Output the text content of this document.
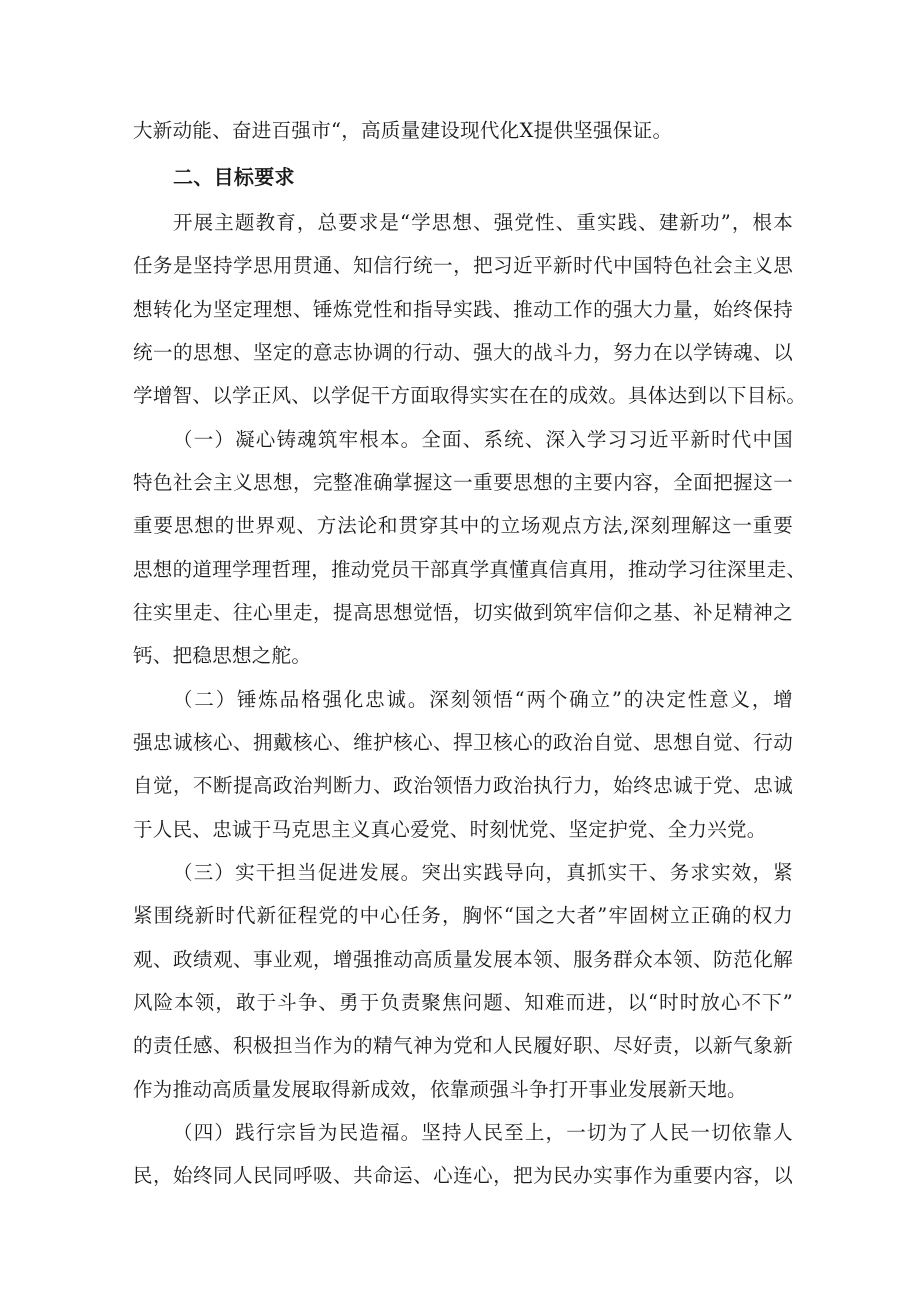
大新动能、奋进百强市“，高质量建设现代化X提供坚强保证。
二、目标要求
开展主题教育，总要求是“学思想、强党性、重实践、建新功”，根本
任务是坚持学思用贯通、知信行统一，把习近平新时代中国特色社会主义思
想转化为坚定理想、锤炼党性和指导实践、推动工作的强大力量，始终保持
统一的思想、坚定的意志协调的行动、强大的战斗力，努力在以学铸魂、以
学增智、以学正风、以学促干方面取得实实在在的成效。具体达到以下目标。
（一）凝心铸魂筑牢根本。全面、系统、深入学习习近平新时代中国
特色社会主义思想，完整准确掌握这一重要思想的主要内容，全面把握这一
重要思想的世界观、方法论和贯穿其中的立场观点方法,深刻理解这一重要
思想的道理学理哲理，推动党员干部真学真懂真信真用，推动学习往深里走、
往实里走、往心里走，提高思想觉悟，切实做到筑牢信仰之基、补足精神之
钙、把稳思想之舵。
（二）锤炼品格强化忠诚。深刻领悟“两个确立”的决定性意义，增
强忠诚核心、拥戴核心、维护核心、捍卫核心的政治自觉、思想自觉、行动
自觉，不断提高政治判断力、政治领悟力政治执行力，始终忠诚于党、忠诚
于人民、忠诚于马克思主义真心爱党、时刻忧党、坚定护党、全力兴党。
（三）实干担当促进发展。突出实践导向，真抓实干、务求实效，紧
紧围绕新时代新征程党的中心任务，胸怀“国之大者”牢固树立正确的权力
观、政绩观、事业观，增强推动高质量发展本领、服务群众本领、防范化解
风险本领，敢于斗争、勇于负责聚焦问题、知难而进，以“时时放心不下”
的责任感、积极担当作为的精气神为党和人民履好职、尽好责，以新气象新
作为推动高质量发展取得新成效，依靠顽强斗争打开事业发展新天地。
（四）践行宗旨为民造福。坚持人民至上，一切为了人民一切依靠人
民，始终同人民同呼吸、共命运、心连心，把为民办实事作为重要内容，以
